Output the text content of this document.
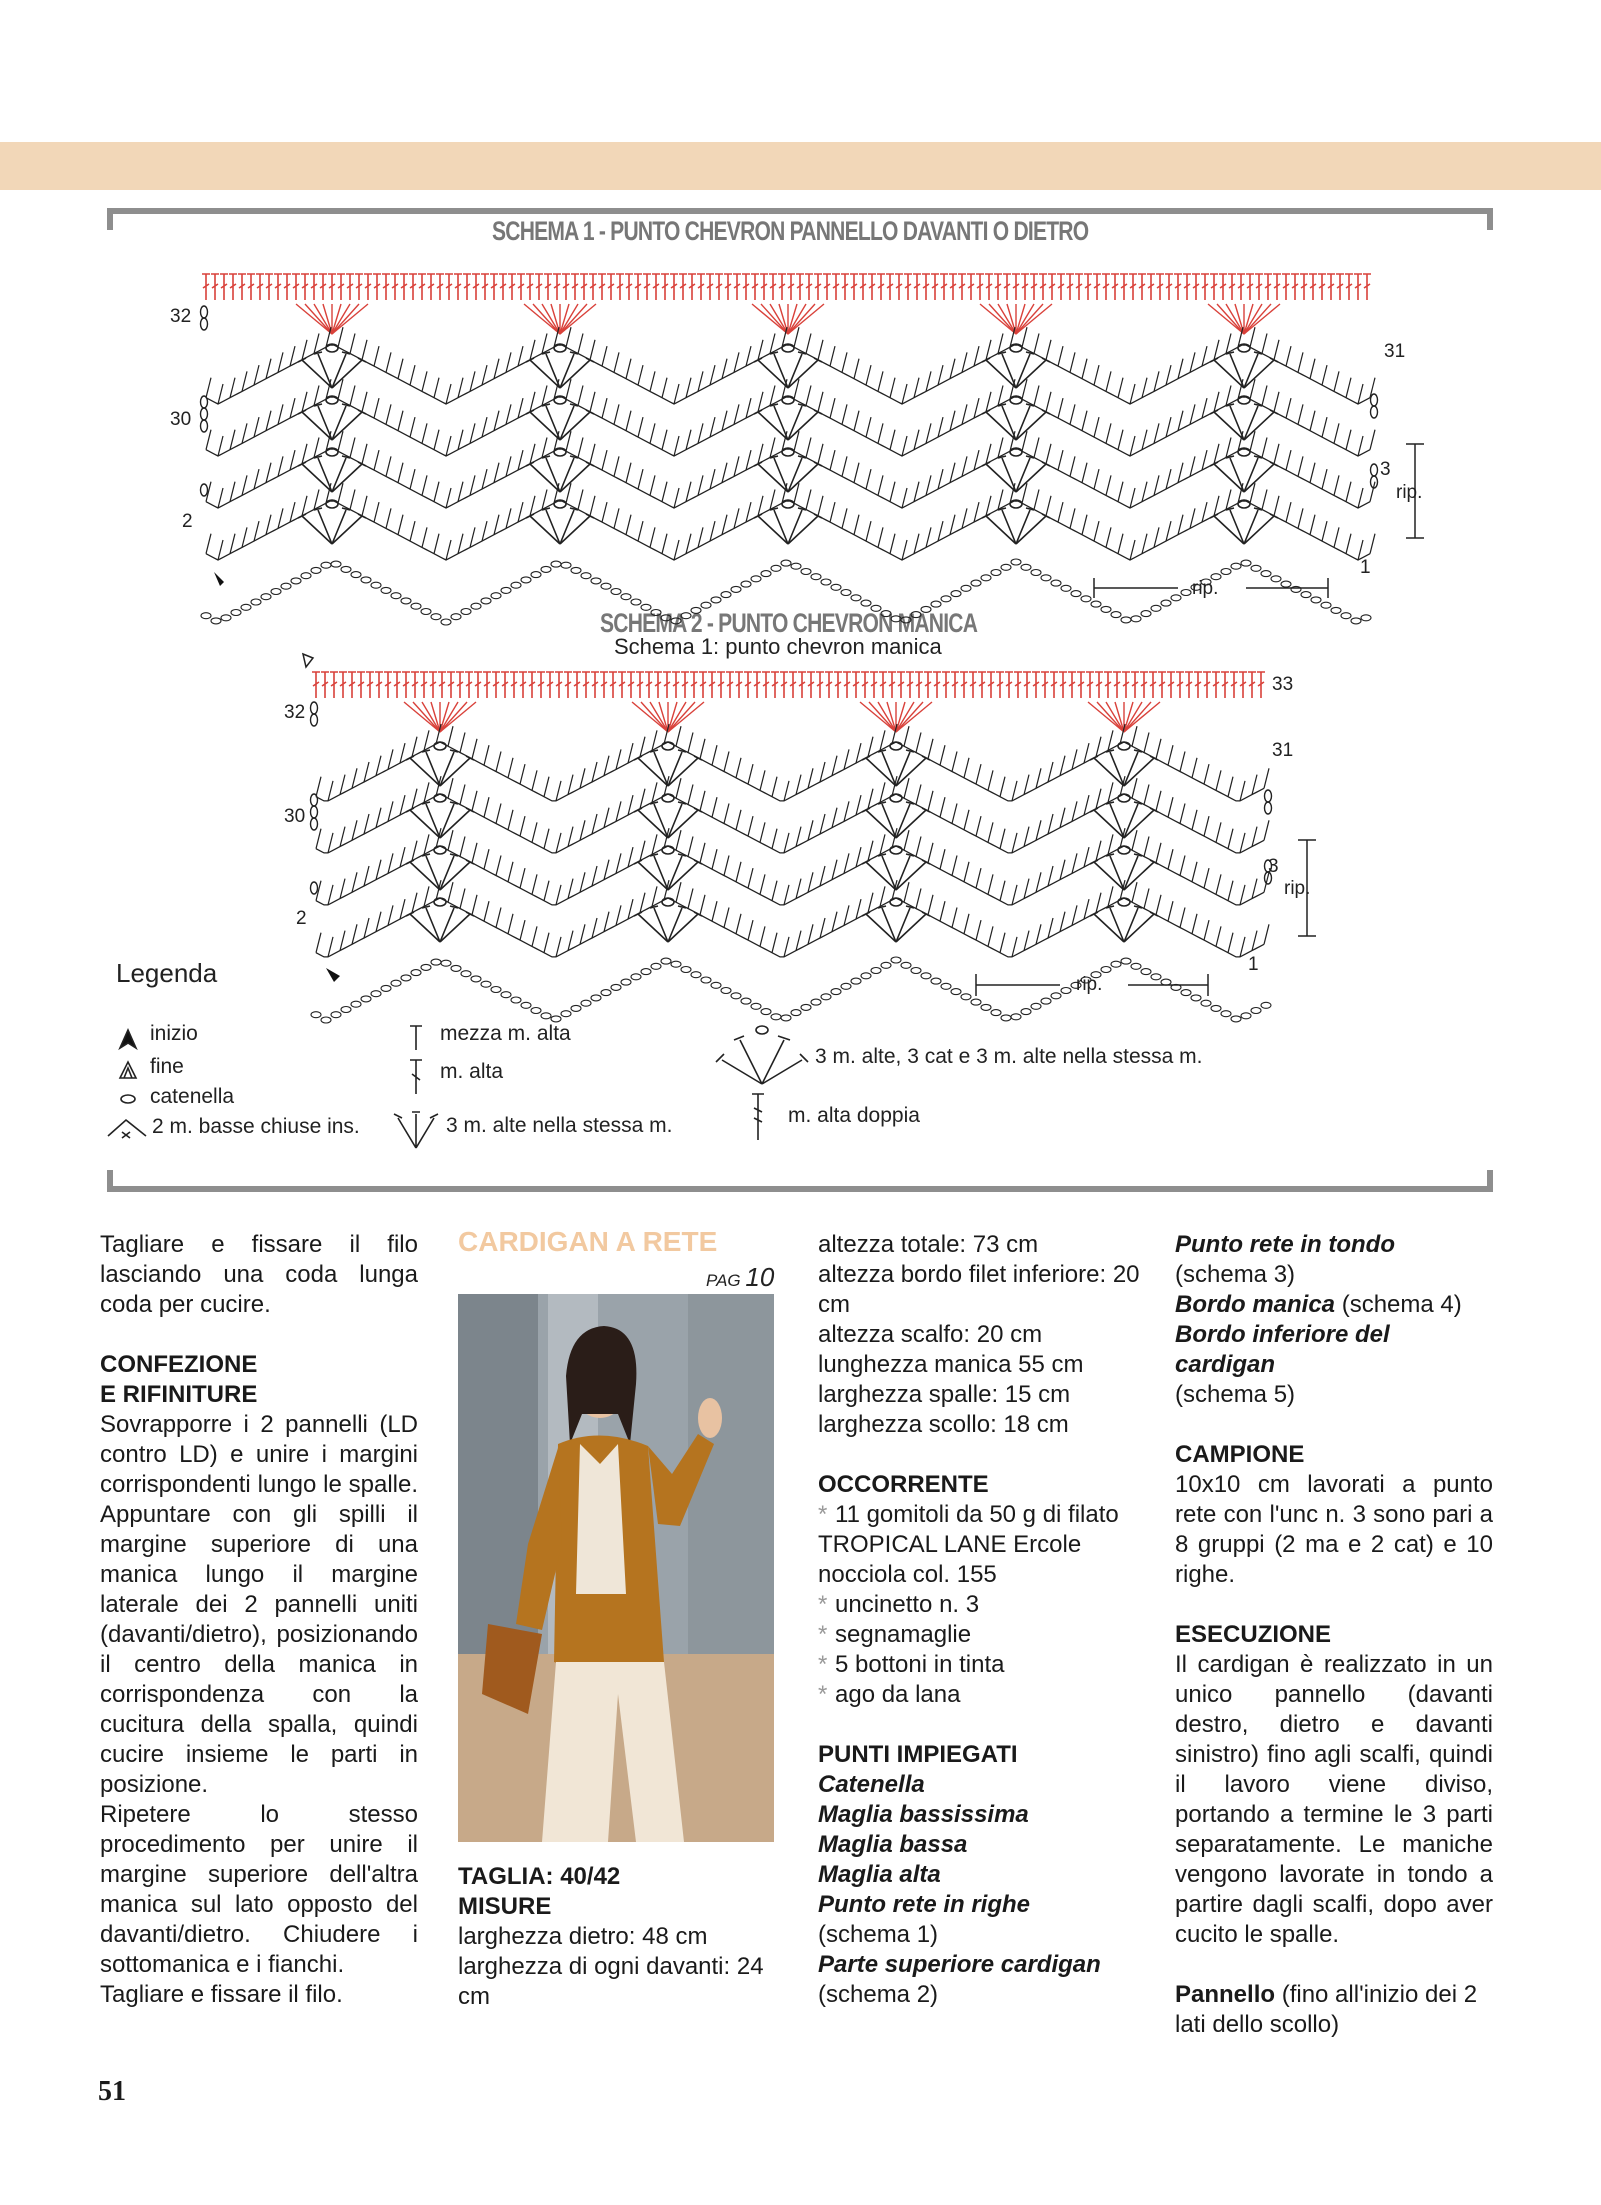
SCHEMA 1 - PUNTO CHEVRON PANNELLO DAVANTI O DIETRO
SCHEMA 2 - PUNTO CHEVRON MANICA
Schema 1: punto chevron manica
32
30
2
31
3
rip.
1
rip.
33
32
31
30
3
rip.
2
1
rip.
Legenda
inizio
fine
catenella
2 m. basse chiuse ins.
mezza m. alta
m. alta
3 m. alte nella stessa m.
3 m. alte, 3 cat e 3 m. alte nella stessa m.
m. alta doppia

Tagliare e fissare il filo lasciando una coda lunga coda per cucire.

CONFEZIONE

E RIFINITURE

Sovrapporre i 2 pannelli (LD contro LD) e unire i margini corrispondenti lungo le spalle. Appuntare con gli spilli il margine superiore di una manica lungo il margine laterale dei 2 pannelli uniti (davanti/dietro), posizionando il centro della manica in corrispondenza con la cucitura della spalla, quindi cucire insieme le parti in posizione.

Ripetere lo stesso procedimento per unire il margine superiore dell'altra manica sul lato opposto del davanti/dietro. Chiudere i sottomanica e i fianchi.

Tagliare e fissare il filo.

CARDIGAN A RETE
PAG 10

TAGLIA: 40/42

MISURE

larghezza dietro: 48 cm

larghezza di ogni davanti: 24 cm

altezza totale: 73 cm

altezza bordo filet inferiore: 20 cm

altezza scalfo: 20 cm

lunghezza manica 55 cm

larghezza spalle: 15 cm

larghezza scollo: 18 cm

OCCORRENTE

* 11 gomitoli da 50 g di filato TROPICAL LANE Ercole nocciola col. 155

* uncinetto n. 3

* segnamaglie

* 5 bottoni in tinta

* ago da lana

PUNTI IMPIEGATI

Catenella

Maglia bassissima

Maglia bassa

Maglia alta

Punto rete in righe

(schema 1)

Parte superiore cardigan

(schema 2)

Punto rete in tondo

(schema 3)

Bordo manica (schema 4)

Bordo inferiore del cardigan

(schema 5)

CAMPIONE

10x10 cm lavorati a punto rete con l'unc n. 3 sono pari a 8 gruppi (2 ma e 2 cat) e 10 righe.

ESECUZIONE

Il cardigan è realizzato in un unico pannello (davanti destro, dietro e davanti sinistro) fino agli scalfi, quindi il lavoro viene diviso, portando a termine le 3 parti separatamente. Le maniche vengono lavorate in tondo a partire dagli scalfi, dopo aver cucito le spalle.

Pannello (fino all'inizio dei 2 lati dello scollo)

51
